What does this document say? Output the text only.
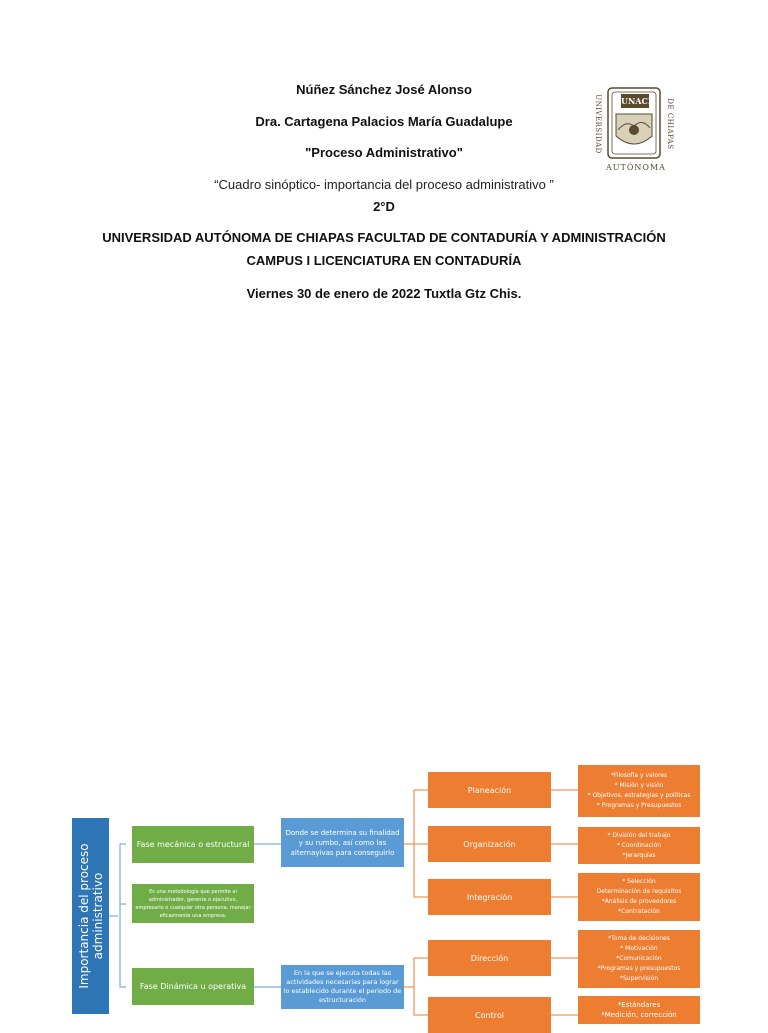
Núñez Sánchez José Alonso
Dra. Cartagena Palacios María Guadalupe
"Proceso Administrativo"
“Cuadro sinóptico- importancia del proceso administrativo ”
2°D
UNIVERSIDAD AUTÓNOMA DE CHIAPAS FACULTAD DE CONTADURÍA Y ADMINISTRACIÓN
CAMPUS I LICENCIATURA EN CONTADURÍA
Viernes 30 de enero de 2022 Tuxtla Gtz Chis.
UNACH
UNIVERSIDAD	DE CHIAPAS
AUTÓNOMA
Importancia del proceso
administrativo
Fase mecánica o estructural
Es una metodología que permite al administrador, gerente o ejecutivo, empresario o cualquier otra persona, manejar eficazmente una empresa.
Fase Dinámica u operativa
Donde se determina su finalidad y su rumbo, así como las alternayivas para conseguirlo
En la que se ejecuta todas las actividades necesarias para lograr lo establecido durante el periodo de estructuración
Planeación
Organización
Integración
Dirección
Control
*Filosofía y valores
* Misión y visión
* Objetivos, estrategias y políticas
* Programas y Presupuestos
* División del trabajo
* Coordinación
*Jerarquías
* Selección
Determinación de requisitos
*Análisis de proveedores
*Contratación
*Toma de decisiones
* Motivación
*Comunicación
*Programas y presupuestos
*Supervisión
*Estándares
*Medición, corrección
